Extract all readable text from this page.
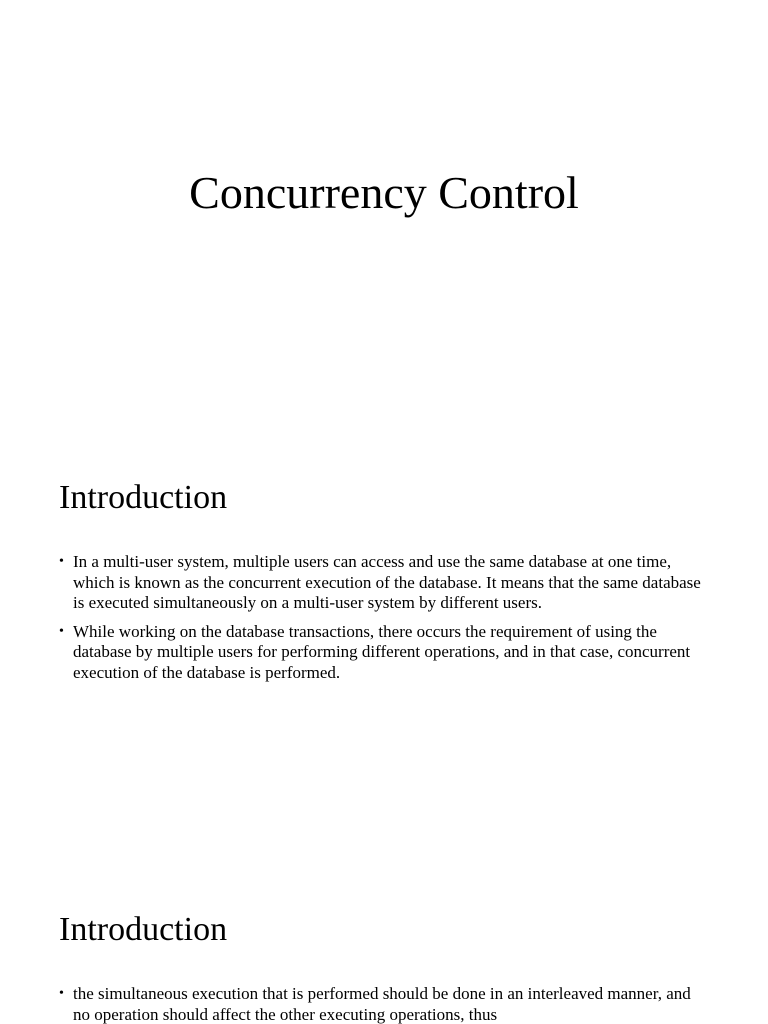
Concurrency Control
Introduction
• In a multi-user system, multiple users can access and use the same database at one time, which is known as the concurrent execution of the database. It means that the same database is executed simultaneously on a multi-user system by different users.
• While working on the database transactions, there occurs the requirement of using the database by multiple users for performing different operations, and in that case, concurrent execution of the database is performed.
Introduction
• the simultaneous execution that is performed should be done in an interleaved manner, and no operation should affect the other executing operations, thus
